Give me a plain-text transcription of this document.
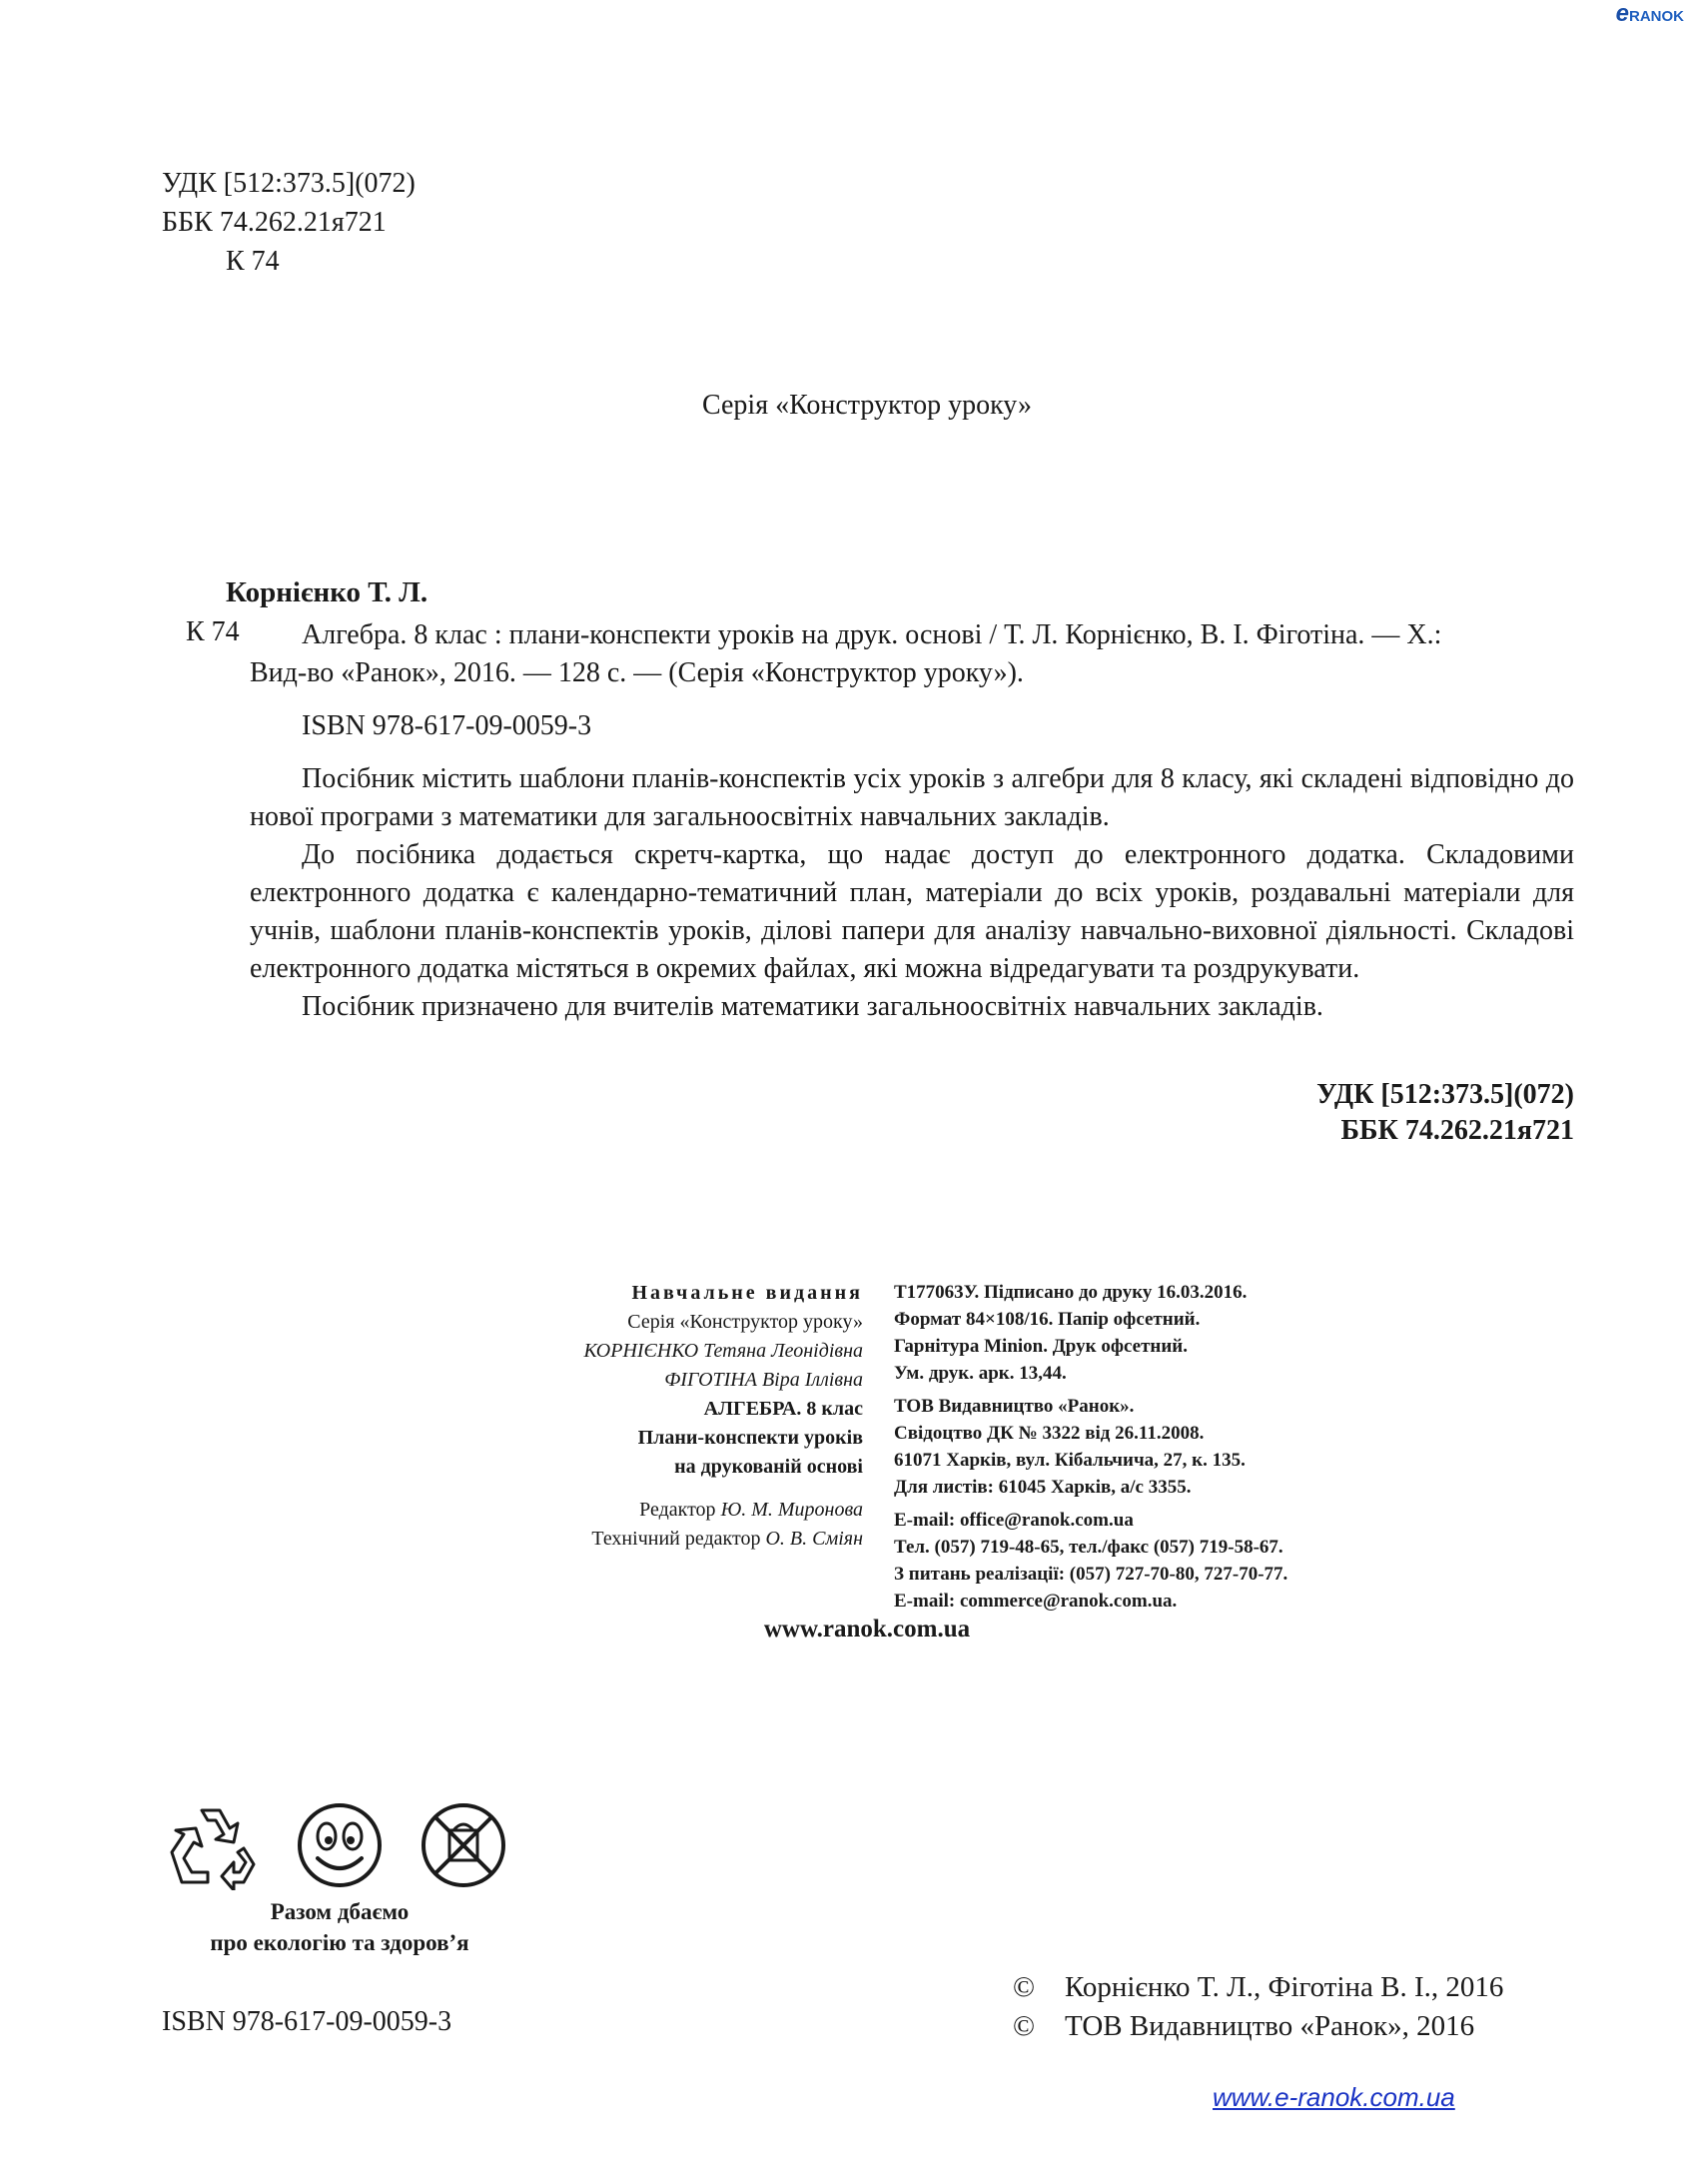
eRANOK
УДК [512:373.5](072)
ББК 74.262.21я721
К 74
Серія «Конструктор уроку»
Корнієнко Т. Л.
К 74 Алгебра. 8 клас : плани-конспекти уроків на друк. основі / Т. Л. Корнієнко, В. І. Фіготіна. — Х.:
Вид-во «Ранок», 2016. — 128 с. — (Серія «Конструктор уроку»).
ISBN 978-617-09-0059-3

Посібник містить шаблони планів-конспектів усіх уроків з алгебри для 8 класу, які складені відповідно до нової програми з математики для загальноосвітніх навчальних закладів.

До посібника додається скретч-картка, що надає доступ до електронного додатка. Складовими електронного додатка є календарно-тематичний план, матеріали до всіх уроків, роздавальні матеріали для учнів, шаблони планів-конспектів уроків, ділові папери для аналізу навчально-виховної діяльності. Складові електронного додатка містяться в окремих файлах, які можна відредагувати та роздрукувати.

Посібник призначено для вчителів математики загальноосвітніх навчальних закладів.

УДК [512:373.5](072)
ББК 74.262.21я721
Навчальне видання
Серія «Конструктор уроку»
КОРНІЄНКО Тетяна Леонідівна
ФІГОТІНА Віра Іллівна
АЛГЕБРА. 8 клас
Плани-конспекти уроків
на друкованій основі
Редактор Ю. М. Миронова
Технічний редактор О. В. Сміян
Т177063У. Підписано до друку 16.03.2016.
Формат 84×108/16. Папір офсетний.
Гарнітура Minion. Друк офсетний.
Ум. друк. арк. 13,44.
ТОВ Видавництво «Ранок».
Свідоцтво ДК № 3322 від 26.11.2008.
61071 Харків, вул. Кібальчича, 27, к. 135.
Для листів: 61045 Харків, а/с 3355.
E-mail: office@ranok.com.ua
Тел. (057) 719-48-65, тел./факс (057) 719-58-67.
З питань реалізації: (057) 727-70-80, 727-70-77.
E-mail: commerce@ranok.com.ua.
www.ranok.com.ua

Разом дбаємо
про екологію та здоров’я
ISBN 978-617-09-0059-3
© Корнієнко Т. Л., Фіготіна В. І., 2016
© ТОВ Видавництво «Ранок», 2016
www.e-ranok.com.ua
